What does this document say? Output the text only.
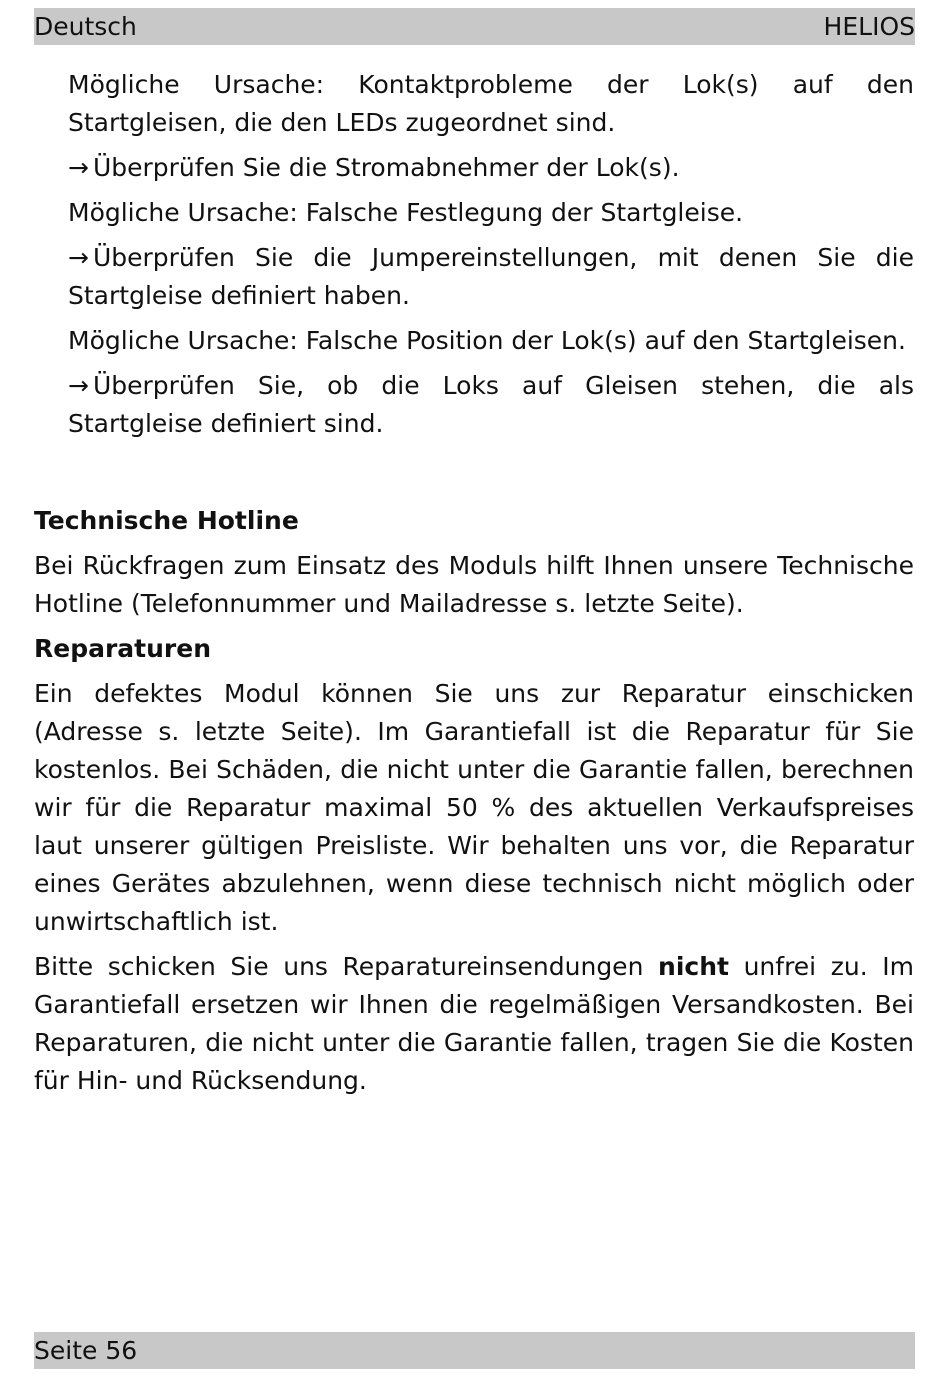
Deutsch	HELIOS

Mögliche Ursache: Kontaktprobleme der Lok(s) auf den Startgleisen, die den LEDs zugeordnet sind.

→ Überprüfen Sie die Stromabnehmer der Lok(s).

Mögliche Ursache: Falsche Festlegung der Startgleise.

→ Überprüfen Sie die Jumpereinstellungen, mit denen Sie die Startgleise definiert haben.

Mögliche Ursache: Falsche Position der Lok(s) auf den Startgleisen.

→ Überprüfen Sie, ob die Loks auf Gleisen stehen, die als Startgleise definiert sind.

Technische Hotline

Bei Rückfragen zum Einsatz des Moduls hilft Ihnen unsere Technische Hotline (Telefonnummer und Mailadresse s. letzte Seite).

Reparaturen

Ein defektes Modul können Sie uns zur Reparatur einschicken (Adresse s. letzte Seite). Im Garantiefall ist die Reparatur für Sie kostenlos. Bei Schäden, die nicht unter die Garantie fallen, berechnen wir für die Reparatur maximal 50 % des aktuellen Verkaufspreises laut unserer gültigen Preisliste. Wir behalten uns vor, die Reparatur eines Gerätes abzulehnen, wenn diese technisch nicht möglich oder unwirtschaftlich ist.

Bitte schicken Sie uns Reparatureinsendungen nicht unfrei zu. Im Garantiefall ersetzen wir Ihnen die regelmäßigen Versandkosten. Bei Reparaturen, die nicht unter die Garantie fallen, tragen Sie die Kosten für Hin- und Rücksendung.

Seite 56
